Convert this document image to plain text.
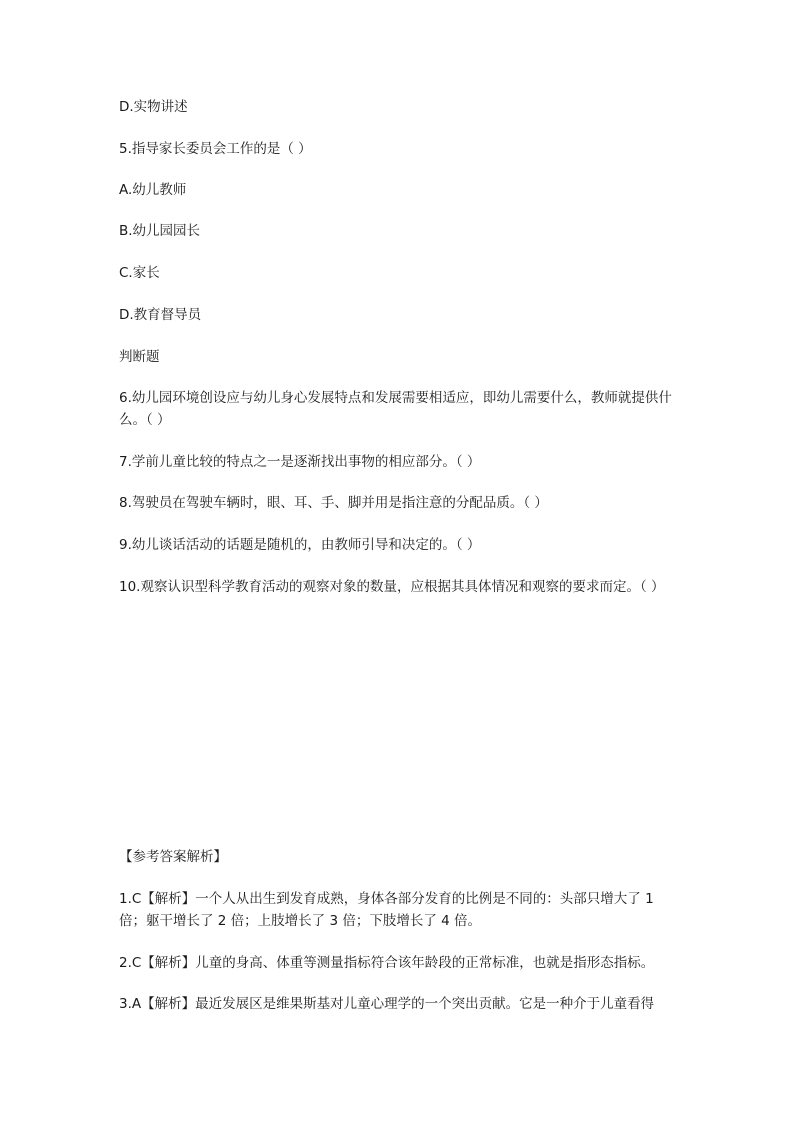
D.实物讲述
5.指导家长委员会工作的是（ ）
A.幼儿教师
B.幼儿园园长
C.家长
D.教育督导员
判断题
6.幼儿园环境创设应与幼儿身心发展特点和发展需要相适应，即幼儿需要什么，教师就提供什么。（ ）
7.学前儿童比较的特点之一是逐渐找出事物的相应部分。（ ）
8.驾驶员在驾驶车辆时，眼、耳、手、脚并用是指注意的分配品质。（ ）
9.幼儿谈话活动的话题是随机的，由教师引导和决定的。（ ）
10.观察认识型科学教育活动的观察对象的数量，应根据其具体情况和观察的要求而定。（ ）
【参考答案解析】
1.C【解析】一个人从出生到发育成熟，身体各部分发育的比例是不同的：头部只增大了 1 倍；躯干增长了 2 倍；上肢增长了 3 倍；下肢增长了 4 倍。
2.C【解析】儿童的身高、体重等测量指标符合该年龄段的正常标准，也就是指形态指标。
3.A【解析】最近发展区是维果斯基对儿童心理学的一个突出贡献。它是一种介于儿童看得
